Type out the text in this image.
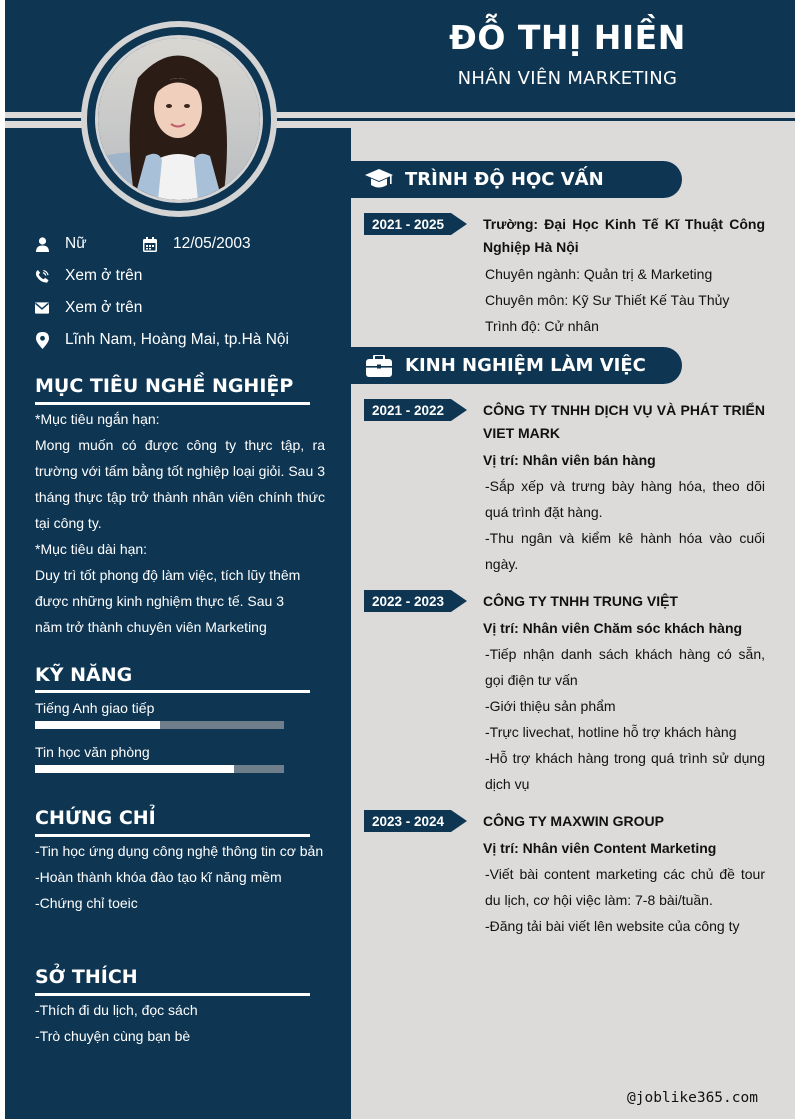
ĐỖ THỊ HIỀN
NHÂN VIÊN MARKETING
Nữ	12/05/2003
Xem ở trên
Xem ở trên
Lĩnh Nam, Hoàng Mai, tp.Hà Nội
MỤC TIÊU NGHỀ NGHIỆP

*Mục tiêu ngắn hạn:

Mong muốn có được công ty thực tập, ra trường với tấm bằng tốt nghiệp loại giỏi. Sau 3 tháng thực tập trở thành nhân viên chính thức tại công ty.

*Mục tiêu dài hạn:

Duy trì tốt phong độ làm việc, tích lũy thêm được những kinh nghiệm thực tế. Sau 3 năm trở thành chuyên viên Marketing

KỸ NĂNG
Tiếng Anh giao tiếp
Tin học văn phòng
CHỨNG CHỈ

-Tin học ứng dụng công nghệ thông tin cơ bản

-Hoàn thành khóa đào tạo kĩ năng mềm

-Chứng chỉ toeic

SỞ THÍCH

-Thích đi du lịch, đọc sách

-Trò chuyện cùng bạn bè

TRÌNH ĐỘ HỌC VẤN
2021 - 2025	Trường: Đại Học Kinh Tế Kĩ Thuật Công Nghiệp Hà Nội
Chuyên ngành: Quản trị & Marketing
Chuyên môn: Kỹ Sư Thiết Kế Tàu Thủy
Trình độ: Cử nhân
KINH NGHIỆM LÀM VIỆC
2021 - 2022	CÔNG TY TNHH DỊCH VỤ VÀ PHÁT TRIỂN VIET MARK
Vị trí: Nhân viên bán hàng
-Sắp xếp và trưng bày hàng hóa, theo dõi quá trình đặt hàng.
-Thu ngân và kiểm kê hành hóa vào cuối ngày.
2022 - 2023	CÔNG TY TNHH TRUNG VIỆT
Vị trí: Nhân viên Chăm sóc khách hàng
-Tiếp nhận danh sách khách hàng có sẵn, gọi điện tư vấn
-Giới thiệu sản phẩm
-Trực livechat, hotline hỗ trợ khách hàng
-Hỗ trợ khách hàng trong quá trình sử dụng dịch vụ
2023 - 2024	CÔNG TY MAXWIN GROUP
Vị trí: Nhân viên Content Marketing
-Viết bài content marketing các chủ đề tour du lịch, cơ hội việc làm: 7-8 bài/tuần.
-Đăng tải bài viết lên website của công ty
@joblike365.com
